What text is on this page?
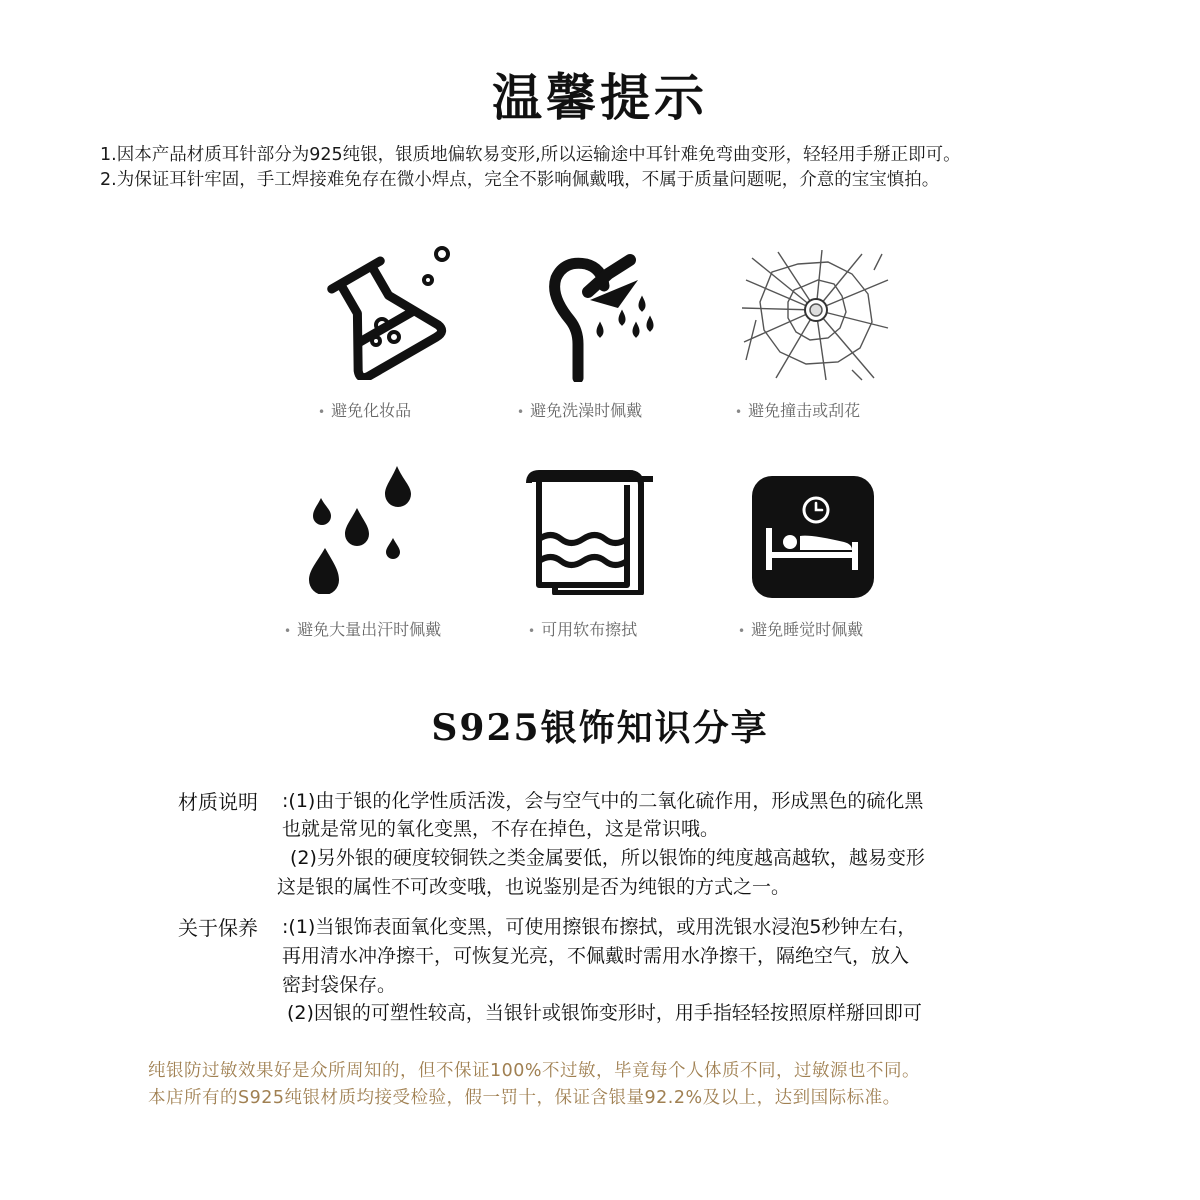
温馨提示
1.因本产品材质耳针部分为925纯银，银质地偏软易变形,所以运输途中耳针难免弯曲变形，轻轻用手掰正即可。
2.为保证耳针牢固，手工焊接难免存在微小焊点，完全不影响佩戴哦，不属于质量问题呢，介意的宝宝慎拍。
• 避免化妆品	• 避免洗澡时佩戴	• 避免撞击或刮花
• 避免大量出汗时佩戴	• 可用软布擦拭	• 避免睡觉时佩戴
S925银饰知识分享
材质说明 :(1)由于银的化学性质活泼，会与空气中的二氧化硫作用，形成黑色的硫化黑
也就是常见的氧化变黑，不存在掉色，这是常识哦。
(2)另外银的硬度较铜铁之类金属要低，所以银饰的纯度越高越软，越易变形
这是银的属性不可改变哦，也说鉴别是否为纯银的方式之一。
关于保养 :(1)当银饰表面氧化变黑，可使用擦银布擦拭，或用洗银水浸泡5秒钟左右，
再用清水冲净擦干，可恢复光亮，不佩戴时需用水净擦干，隔绝空气，放入
密封袋保存。
(2)因银的可塑性较高，当银针或银饰变形时，用手指轻轻按照原样掰回即可
纯银防过敏效果好是众所周知的，但不保证100%不过敏，毕竟每个人体质不同，过敏源也不同。
本店所有的S925纯银材质均接受检验，假一罚十，保证含银量92.2%及以上，达到国际标准。
